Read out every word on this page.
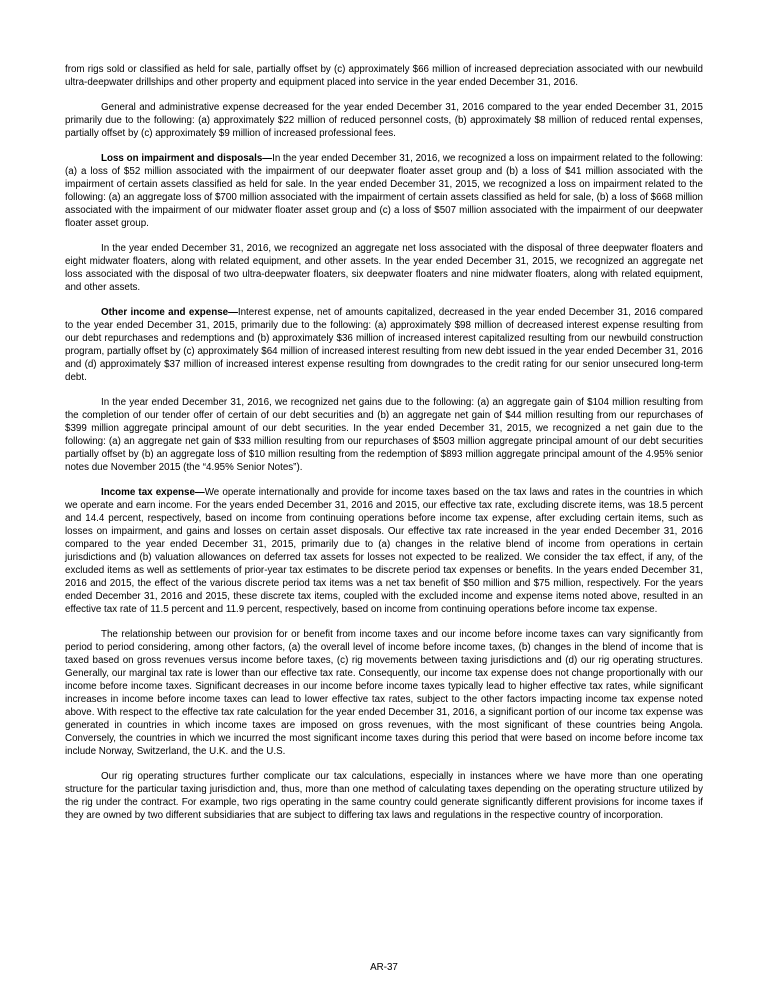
from rigs sold or classified as held for sale, partially offset by (c) approximately $66 million of increased depreciation associated with our newbuild ultra-deepwater drillships and other property and equipment placed into service in the year ended December 31, 2016.

General and administrative expense decreased for the year ended December 31, 2016 compared to the year ended December 31, 2015 primarily due to the following: (a) approximately $22 million of reduced personnel costs, (b) approximately $8 million of reduced rental expenses, partially offset by (c) approximately $9 million of increased professional fees.

Loss on impairment and disposals—In the year ended December 31, 2016, we recognized a loss on impairment related to the following: (a) a loss of $52 million associated with the impairment of our deepwater floater asset group and (b) a loss of $41 million associated with the impairment of certain assets classified as held for sale. In the year ended December 31, 2015, we recognized a loss on impairment related to the following: (a) an aggregate loss of $700 million associated with the impairment of certain assets classified as held for sale, (b) a loss of $668 million associated with the impairment of our midwater floater asset group and (c) a loss of $507 million associated with the impairment of our deepwater floater asset group.

In the year ended December 31, 2016, we recognized an aggregate net loss associated with the disposal of three deepwater floaters and eight midwater floaters, along with related equipment, and other assets. In the year ended December 31, 2015, we recognized an aggregate net loss associated with the disposal of two ultra-deepwater floaters, six deepwater floaters and nine midwater floaters, along with related equipment, and other assets.

Other income and expense—Interest expense, net of amounts capitalized, decreased in the year ended December 31, 2016 compared to the year ended December 31, 2015, primarily due to the following: (a) approximately $98 million of decreased interest expense resulting from our debt repurchases and redemptions and (b) approximately $36 million of increased interest capitalized resulting from our newbuild construction program, partially offset by (c) approximately $64 million of increased interest resulting from new debt issued in the year ended December 31, 2016 and (d) approximately $37 million of increased interest expense resulting from downgrades to the credit rating for our senior unsecured long-term debt.

In the year ended December 31, 2016, we recognized net gains due to the following: (a) an aggregate gain of $104 million resulting from the completion of our tender offer of certain of our debt securities and (b) an aggregate net gain of $44 million resulting from our repurchases of $399 million aggregate principal amount of our debt securities. In the year ended December 31, 2015, we recognized a net gain due to the following: (a) an aggregate net gain of $33 million resulting from our repurchases of $503 million aggregate principal amount of our debt securities partially offset by (b) an aggregate loss of $10 million resulting from the redemption of $893 million aggregate principal amount of the 4.95% senior notes due November 2015 (the “4.95% Senior Notes”).

Income tax expense—We operate internationally and provide for income taxes based on the tax laws and rates in the countries in which we operate and earn income. For the years ended December 31, 2016 and 2015, our effective tax rate, excluding discrete items, was 18.5 percent and 14.4 percent, respectively, based on income from continuing operations before income tax expense, after excluding certain items, such as losses on impairment, and gains and losses on certain asset disposals. Our effective tax rate increased in the year ended December 31, 2016 compared to the year ended December 31, 2015, primarily due to (a) changes in the relative blend of income from operations in certain jurisdictions and (b) valuation allowances on deferred tax assets for losses not expected to be realized. We consider the tax effect, if any, of the excluded items as well as settlements of prior-year tax estimates to be discrete period tax expenses or benefits. In the years ended December 31, 2016 and 2015, the effect of the various discrete period tax items was a net tax benefit of $50 million and $75 million, respectively. For the years ended December 31, 2016 and 2015, these discrete tax items, coupled with the excluded income and expense items noted above, resulted in an effective tax rate of 11.5 percent and 11.9 percent, respectively, based on income from continuing operations before income tax expense.

The relationship between our provision for or benefit from income taxes and our income before income taxes can vary significantly from period to period considering, among other factors, (a) the overall level of income before income taxes, (b) changes in the blend of income that is taxed based on gross revenues versus income before taxes, (c) rig movements between taxing jurisdictions and (d) our rig operating structures. Generally, our marginal tax rate is lower than our effective tax rate. Consequently, our income tax expense does not change proportionally with our income before income taxes. Significant decreases in our income before income taxes typically lead to higher effective tax rates, while significant increases in income before income taxes can lead to lower effective tax rates, subject to the other factors impacting income tax expense noted above. With respect to the effective tax rate calculation for the year ended December 31, 2016, a significant portion of our income tax expense was generated in countries in which income taxes are imposed on gross revenues, with the most significant of these countries being Angola. Conversely, the countries in which we incurred the most significant income taxes during this period that were based on income before income tax include Norway, Switzerland, the U.K. and the U.S.

Our rig operating structures further complicate our tax calculations, especially in instances where we have more than one operating structure for the particular taxing jurisdiction and, thus, more than one method of calculating taxes depending on the operating structure utilized by the rig under the contract. For example, two rigs operating in the same country could generate significantly different provisions for income taxes if they are owned by two different subsidiaries that are subject to differing tax laws and regulations in the respective country of incorporation.

AR-37
